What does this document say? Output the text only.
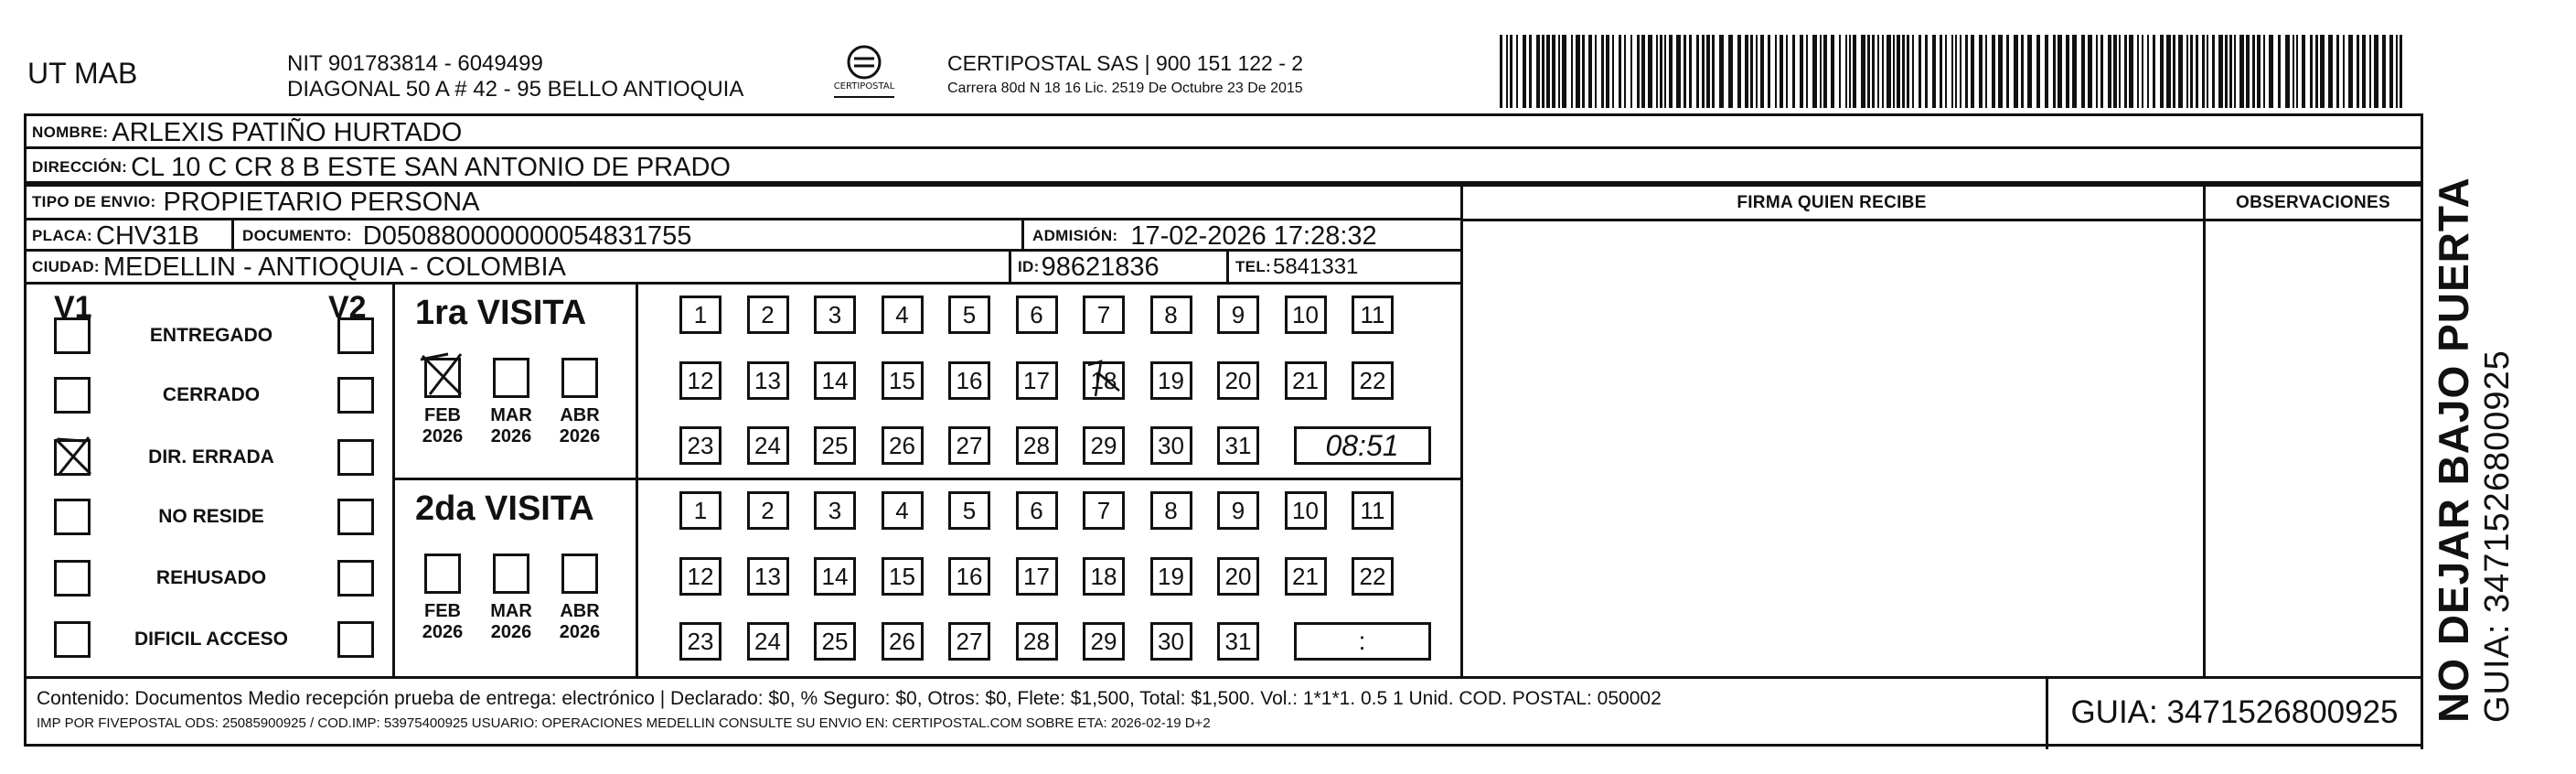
UT MAB	NIT 901783814 - 6049499
DIAGONAL 50 A # 42 - 95 BELLO ANTIOQUIA	CERTIPOSTAL
CERTIPOSTAL SAS | 900 151 122 - 2
Carrera 80d N 18 16 Lic. 2519 De Octubre 23 De 2015
NOMBRE: ARLEXIS PATIÑO HURTADO
DIRECCIÓN: CL 10 C CR 8 B ESTE SAN ANTONIO DE PRADO
TIPO DE ENVIO: PROPIETARIO PERSONA	FIRMA QUIEN RECIBE	OBSERVACIONES
PLACA: CHV31B	DOCUMENTO: D050880000000054831755	ADMISIÓN: 17-02-2026 17:28:32
CIUDAD: MEDELLIN - ANTIOQUIA - COLOMBIA	ID: 98621836	TEL: 5841331
V1	V2
ENTREGADO
CERRADO
DIR. ERRADA
NO RESIDE
REHUSADO
DIFICIL ACCESO
1ra VISITA
FEB
2026
MAR
2026
ABR
2026
1	2	3	4	5	6	7	8	9	10	11
12	13	14	15	16	17	18	19	20	21	22
23	24	25	26	27	28	29	30	31	08:51
2da VISITA
FEB
2026
MAR
2026
ABR
2026
1	2	3	4	5	6	7	8	9	10	11
12	13	14	15	16	17	18	19	20	21	22
23	24	25	26	27	28	29	30	31	:
GUIA: 3471526800925
Contenido: Documentos Medio recepción prueba de entrega: electrónico | Declarado: $0, % Seguro: $0, Otros: $0, Flete: $1,500, Total: $1,500. Vol.: 1*1*1. 0.5 1 Unid. COD. POSTAL: 050002
IMP POR FIVEPOSTAL ODS: 25085900925 / COD.IMP: 53975400925 USUARIO: OPERACIONES MEDELLIN CONSULTE SU ENVIO EN: CERTIPOSTAL.COM SOBRE ETA: 2026-02-19 D+2
NO DEJAR BAJO PUERTA GUIA: 3471526800925
